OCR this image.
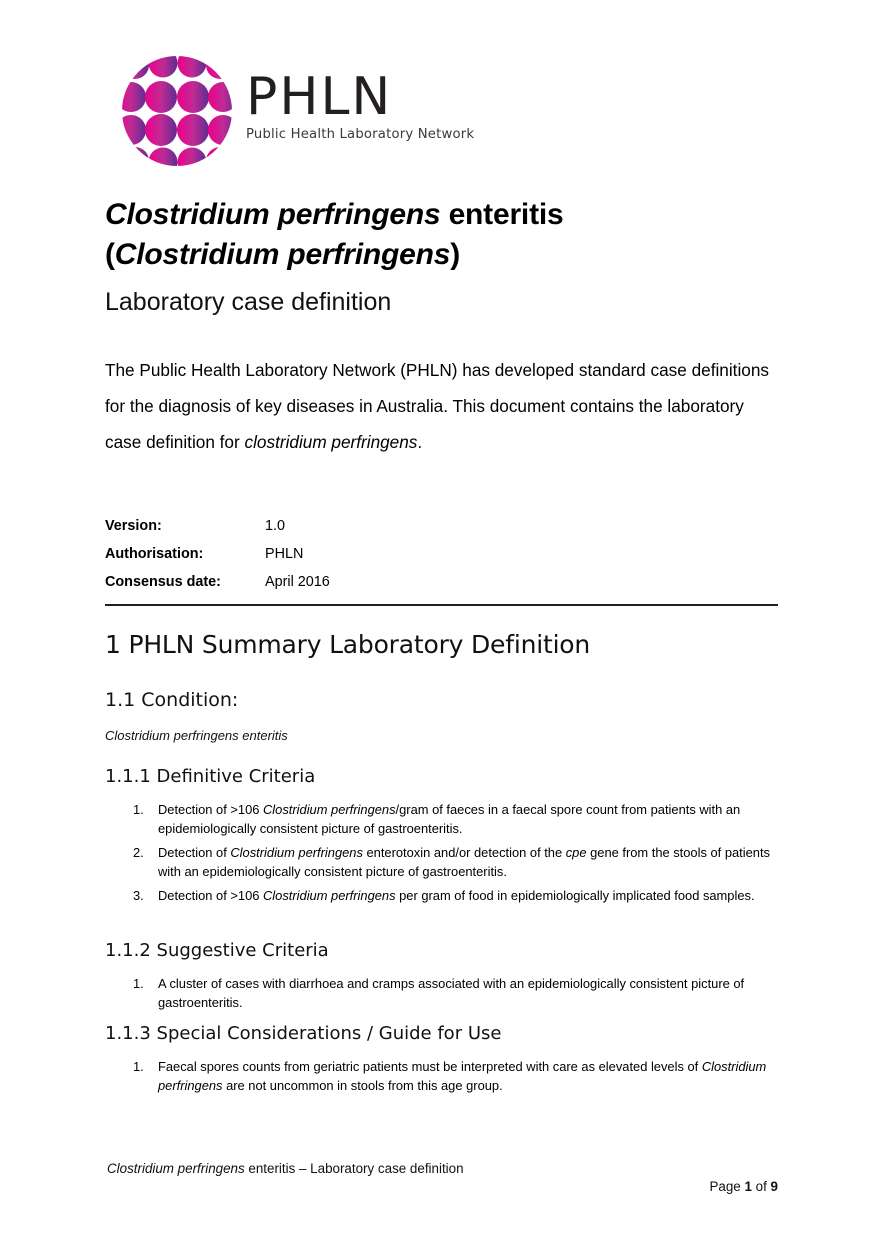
PHLN
Public Health Laboratory Network
Clostridium perfringens enteritis
(Clostridium perfringens)
Laboratory case definition
The Public Health Laboratory Network (PHLN) has developed standard case definitions for the diagnosis of key diseases in Australia. This document contains the laboratory case definition for clostridium perfringens.
Version:	1.0
Authorisation:	PHLN
Consensus date:	April 2016
1 PHLN Summary Laboratory Definition
1.1 Condition:
Clostridium perfringens enteritis
1.1.1 Definitive Criteria
1.	Detection of >106 Clostridium perfringens/gram of faeces in a faecal spore count from patients with an epidemiologically consistent picture of gastroenteritis.
2.	Detection of Clostridium perfringens enterotoxin and/or detection of the cpe gene from the stools of patients with an epidemiologically consistent picture of gastroenteritis.
3.	Detection of >106 Clostridium perfringens per gram of food in epidemiologically implicated food samples.
1.1.2 Suggestive Criteria
1.	A cluster of cases with diarrhoea and cramps associated with an epidemiologically consistent picture of gastroenteritis.
1.1.3 Special Considerations / Guide for Use
1.	Faecal spores counts from geriatric patients must be interpreted with care as elevated levels of Clostridium perfringens are not uncommon in stools from this age group.
Clostridium perfringens enteritis – Laboratory case definition
Page 1 of 9
